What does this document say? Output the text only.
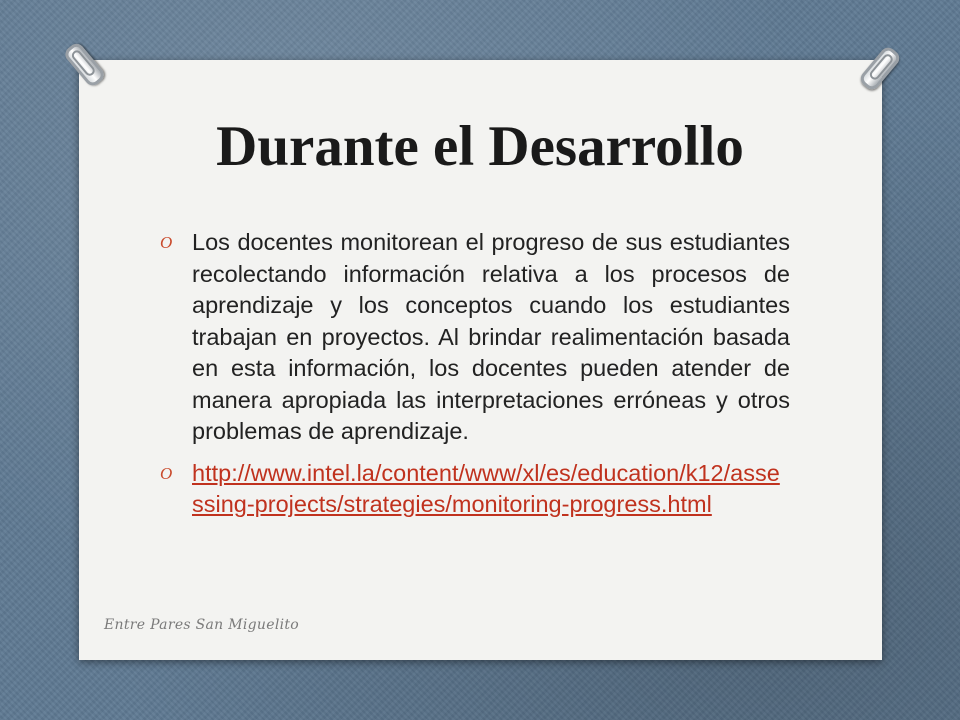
Durante el Desarrollo
O Los docentes monitorean el progreso de sus estudiantes recolectando información relativa a los procesos de aprendizaje y los conceptos cuando los estudiantes trabajan en proyectos. Al brindar realimentación basada en esta información, los docentes pueden atender de manera apropiada las interpretaciones erróneas y otros problemas de aprendizaje.
O http://www.intel.la/content/www/xl/es/education/k12/assessing-projects/strategies/monitoring-progress.html
Entre Pares San Miguelito
